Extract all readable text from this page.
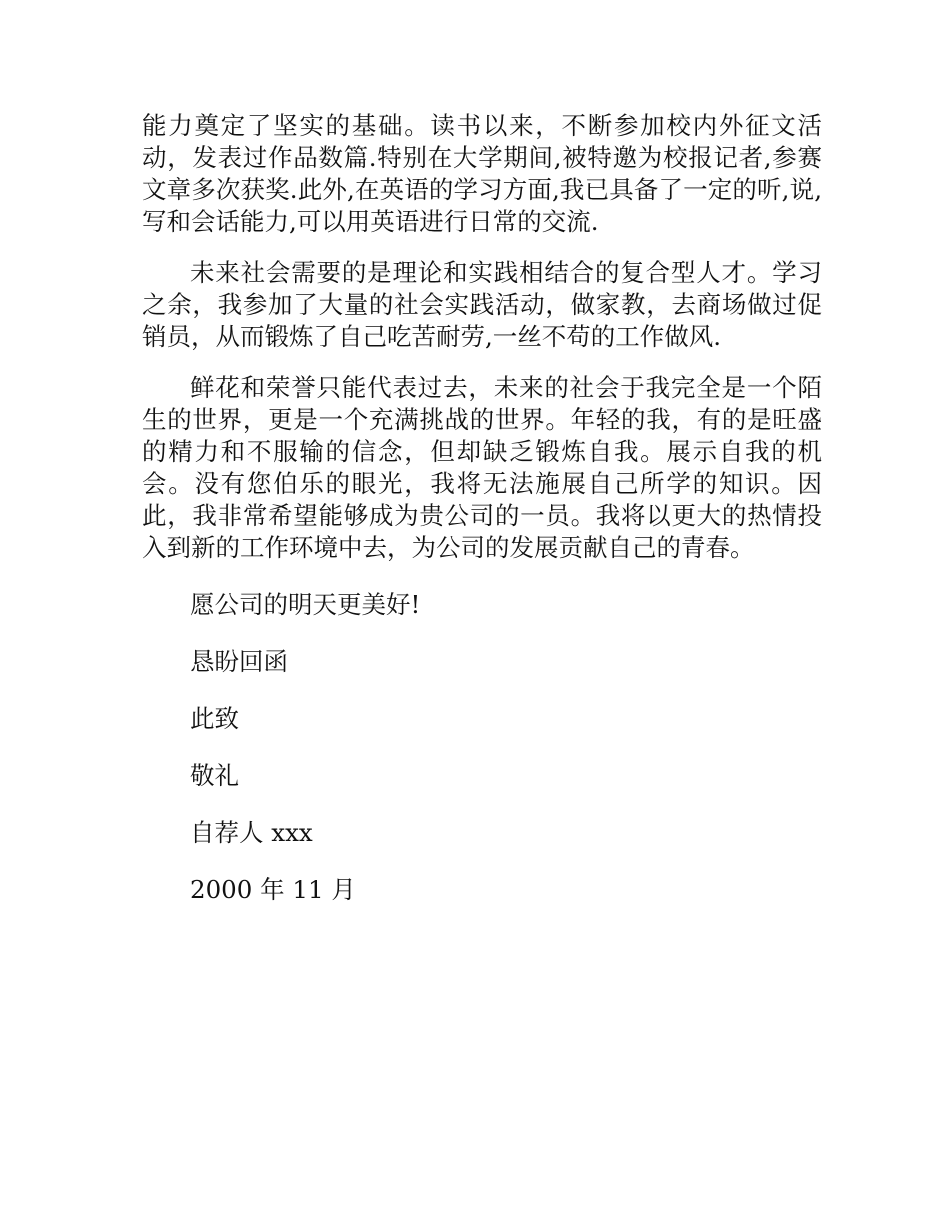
能力奠定了坚实的基础。读书以来，不断参加校内外征文活动，发表过作品数篇.特别在大学期间,被特邀为校报记者,参赛文章多次获奖.此外,在英语的学习方面,我已具备了一定的听,说,写和会话能力,可以用英语进行日常的交流.

未来社会需要的是理论和实践相结合的复合型人才。学习之余，我参加了大量的社会实践活动，做家教，去商场做过促销员，从而锻炼了自己吃苦耐劳,一丝不苟的工作做风.

鲜花和荣誉只能代表过去，未来的社会于我完全是一个陌生的世界，更是一个充满挑战的世界。年轻的我，有的是旺盛的精力和不服输的信念，但却缺乏锻炼自我。展示自我的机会。没有您伯乐的眼光，我将无法施展自己所学的知识。因此，我非常希望能够成为贵公司的一员。我将以更大的热情投入到新的工作环境中去，为公司的发展贡献自己的青春。

愿公司的明天更美好!

恳盼回函

此致

敬礼

自荐人 xxx

2000 年 11 月
